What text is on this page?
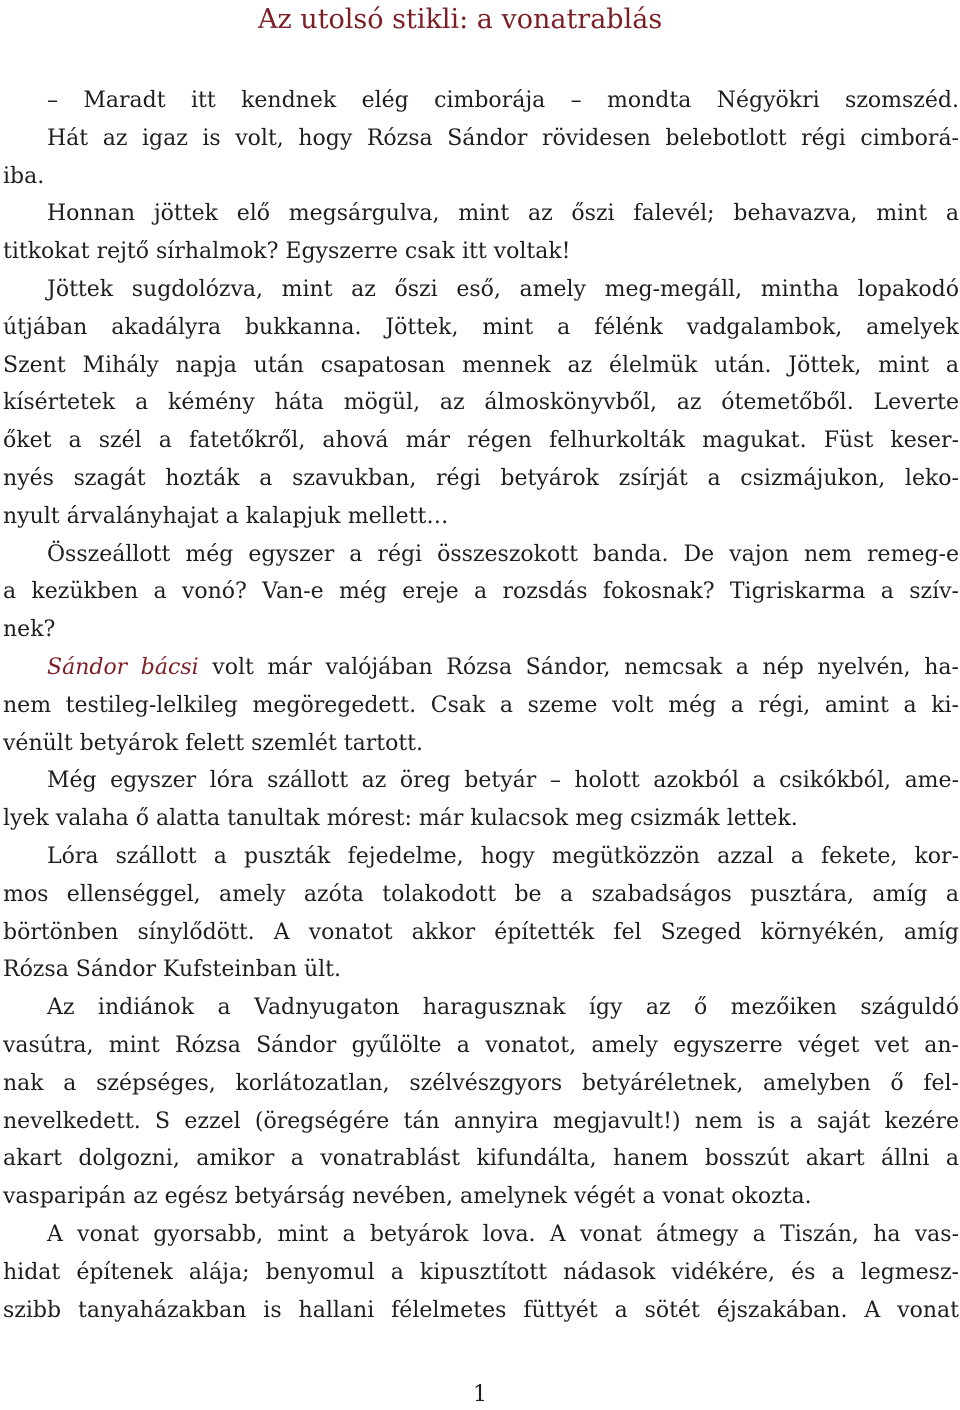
Az utolsó stikli: a vonatrablás
– Maradt itt kendnek elég cimborája – mondta Négyökri szomszéd.
Hát az igaz is volt, hogy Rózsa Sándor rövidesen belebotlott régi cimborá-
iba.
Honnan jöttek elő megsárgulva, mint az őszi falevél; behavazva, mint a
titkokat rejtő sírhalmok? Egyszerre csak itt voltak!
Jöttek sugdolózva, mint az őszi eső, amely meg-megáll, mintha lopakodó
útjában akadályra bukkanna. Jöttek, mint a félénk vadgalambok, amelyek
Szent Mihály napja után csapatosan mennek az élelmük után. Jöttek, mint a
kísértetek a kémény háta mögül, az álmoskönyvből, az ótemetőből. Leverte
őket a szél a fatetőkről, ahová már régen felhurkolták magukat. Füst keser-
nyés szagát hozták a szavukban, régi betyárok zsírját a csizmájukon, leko-
nyult árvalányhajat a kalapjuk mellett…
Összeállott még egyszer a régi összeszokott banda. De vajon nem remeg-e
a kezükben a vonó? Van-e még ereje a rozsdás fokosnak? Tigriskarma a szív-
nek?
Sándor bácsi volt már valójában Rózsa Sándor, nemcsak a nép nyelvén, ha-
nem testileg-lelkileg megöregedett. Csak a szeme volt még a régi, amint a ki-
vénült betyárok felett szemlét tartott.
Még egyszer lóra szállott az öreg betyár – holott azokból a csikókból, ame-
lyek valaha ő alatta tanultak mórest: már kulacsok meg csizmák lettek.
Lóra szállott a puszták fejedelme, hogy megütközzön azzal a fekete, kor-
mos ellenséggel, amely azóta tolakodott be a szabadságos pusztára, amíg a
börtönben sínylődött. A vonatot akkor építették fel Szeged környékén, amíg
Rózsa Sándor Kufsteinban ült.
Az indiánok a Vadnyugaton haragusznak így az ő mezőiken száguldó
vasútra, mint Rózsa Sándor gyűlölte a vonatot, amely egyszerre véget vet an-
nak a szépséges, korlátozatlan, szélvészgyors betyáréletnek, amelyben ő fel-
nevelkedett. S ezzel (öregségére tán annyira megjavult!) nem is a saját kezére
akart dolgozni, amikor a vonatrablást kifundálta, hanem bosszút akart állni a
vasparipán az egész betyárság nevében, amelynek végét a vonat okozta.
A vonat gyorsabb, mint a betyárok lova. A vonat átmegy a Tiszán, ha vas-
hidat építenek alája; benyomul a kipusztított nádasok vidékére, és a legmesz-
szibb tanyaházakban is hallani félelmetes füttyét a sötét éjszakában. A vonat
1
